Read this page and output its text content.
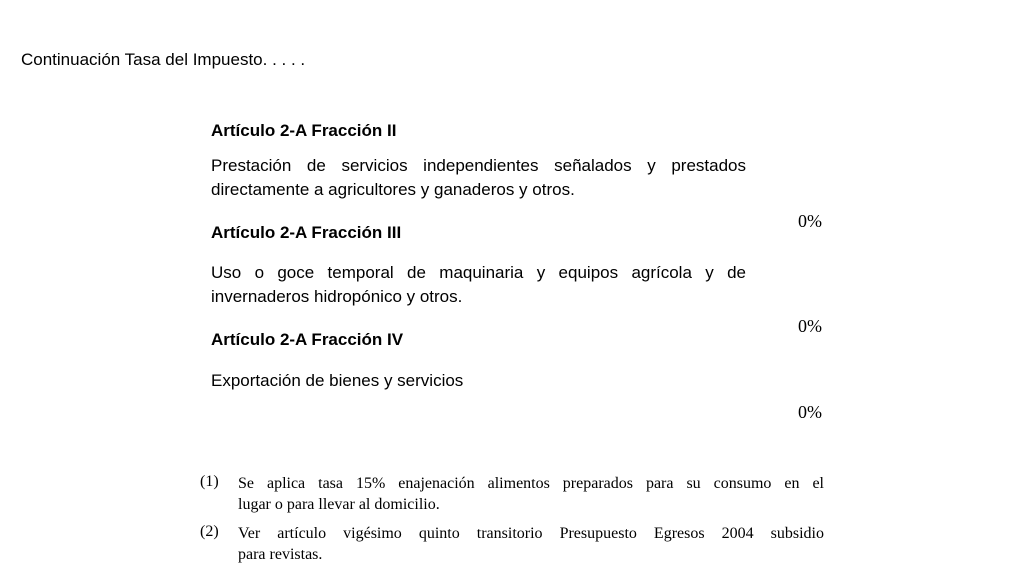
Continuación Tasa del Impuesto. . . . .
Artículo 2-A Fracción II
Prestación de servicios independientes señalados y prestados directamente a agricultores y ganaderos y otros.
0%
Artículo 2-A Fracción III
Uso o goce temporal de maquinaria y equipos agrícola y de invernaderos hidropónico y otros.
0%
Artículo 2-A Fracción IV
Exportación de bienes y servicios
0%
(1) Se aplica tasa 15% enajenación alimentos preparados para su consumo en el
lugar o para llevar al domicilio.
(2) Ver artículo vigésimo quinto transitorio Presupuesto Egresos 2004 subsidio
para revistas.
